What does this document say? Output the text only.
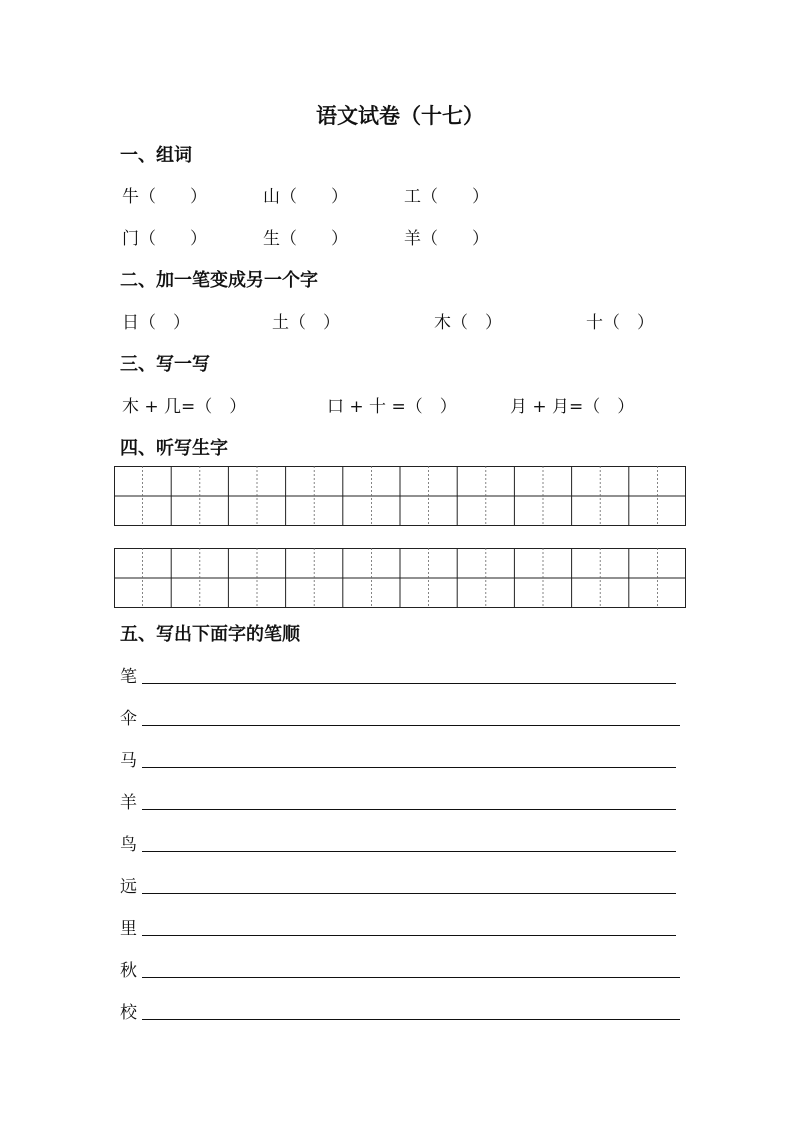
语文试卷（十七）
一、组词
牛（　　）	山（　　）	工（　　）
门（　　）	生（　　）	羊（　　）
二、加一笔变成另一个字
日（　）	土（　）	木（　）	十（　）
三、写一写
木 + 几=（　）	口 + 十 =（　）	月 + 月=（　）
四、听写生字
五、写出下面字的笔顺
笔
伞
马
羊
鸟
远
里
秋
校
